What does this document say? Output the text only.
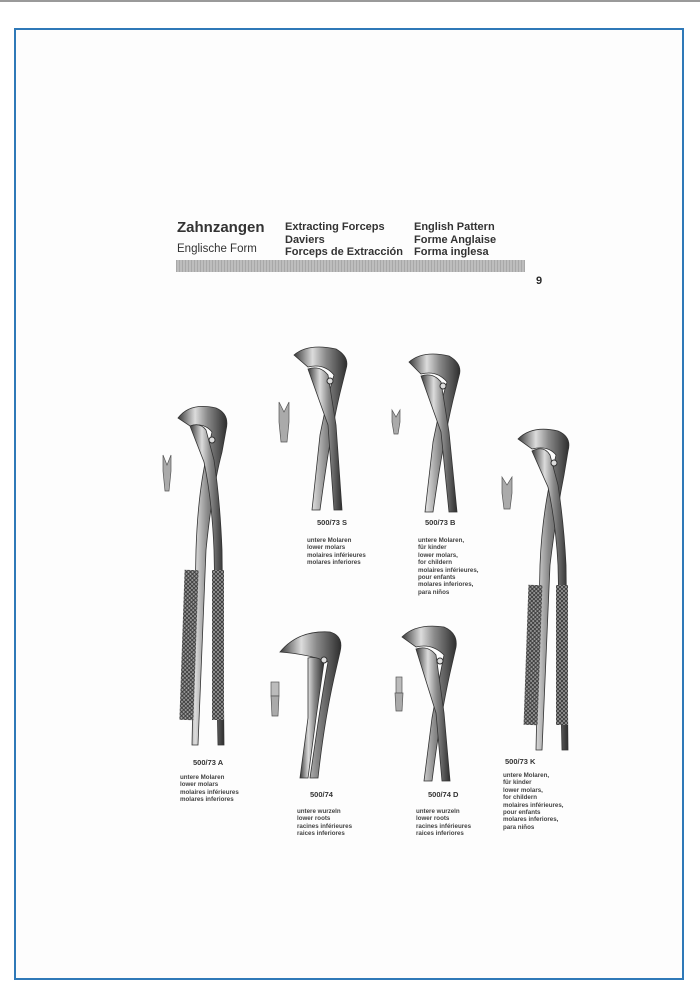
Zahnzangen
Englische Form
Extracting Forceps
Daviers
Forceps de Extracción
English Pattern
Forme Anglaise
Forma inglesa
9
500/73 A
500/73 S	500/73 B
500/73 K
500/74	500/74 D
untere Molaren
lower molars
molaires inférieures
molares inferiores
untere Molaren
lower molars
molaires inférieures
molares inferiores
untere Molaren,
für kinder
lower molars,
for childern
molaires inférieures,
pour enfants
molares inferiores,
para niños
untere Molaren,
für kinder
lower molars,
for childern
molaires inférieures,
pour enfants
molares inferiores,
para niños
untere wurzeln
lower roots
racines inférieures
raices inferiores
untere wurzeln
lower roots
racines inférieures
raices inferiores
